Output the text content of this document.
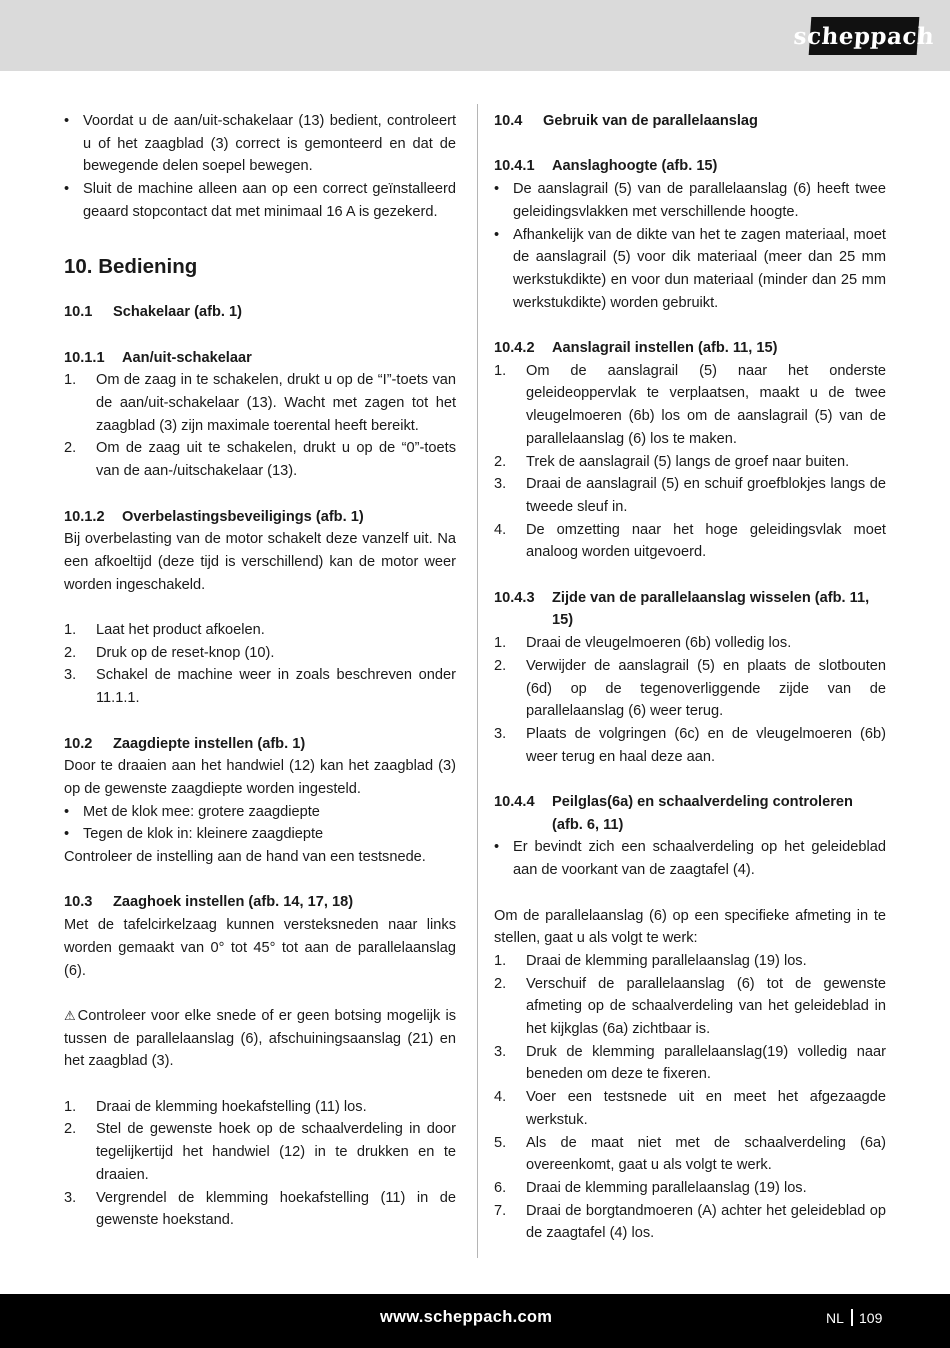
scheppach
• Voordat u de aan/uit-schakelaar (13) bedient, controleert u of het zaagblad (3) correct is gemonteerd en dat de bewegende delen soepel bewegen.
• Sluit de machine alleen aan op een correct geïnstalleerd geaard stopcontact dat met minimaal 16 A is gezekerd.
10. Bediening
10.1	Schakelaar (afb. 1)
10.1.1	Aan/uit-schakelaar
1.	Om de zaag in te schakelen, drukt u op de “I”-toets van de aan/uit-schakelaar (13). Wacht met zagen tot het zaagblad (3) zijn maximale toerental heeft bereikt.
2.	Om de zaag uit te schakelen, drukt u op de “0”-toets van de aan-/uitschakelaar (13).
10.1.2	Overbelastingsbeveiligings (afb. 1)

Bij overbelasting van de motor schakelt deze vanzelf uit. Na een afkoeltijd (deze tijd is verschillend) kan de motor weer worden ingeschakeld.

1.	Laat het product afkoelen.
2.	Druk op de reset-knop (10).
3.	Schakel de machine weer in zoals beschreven onder 11.1.1.
10.2	Zaagdiepte instellen (afb. 1)

Door te draaien aan het handwiel (12) kan het zaagblad (3) op de gewenste zaagdiepte worden ingesteld.

• Met de klok mee: grotere zaagdiepte
• Tegen de klok in: kleinere zaagdiepte

Controleer de instelling aan de hand van een testsnede.

10.3	Zaaghoek instellen (afb. 14, 17, 18)

Met de tafelcirkelzaag kunnen versteksneden naar links worden gemaakt van 0° tot 45° tot aan de parallelaanslag (6).

⚠ Controleer voor elke snede of er geen botsing mogelijk is tussen de parallelaanslag (6), afschuiningsaanslag (21) en het zaagblad (3).

1.	Draai de klemming hoekafstelling (11) los.
2.	Stel de gewenste hoek op de schaalverdeling in door tegelijkertijd het handwiel (12) in te drukken en te draaien.
3.	Vergrendel de klemming hoekafstelling (11) in de gewenste hoekstand.
10.4	Gebruik van de parallelaanslag
10.4.1	Aanslaghoogte (afb. 15)
• De aanslagrail (5) van de parallelaanslag (6) heeft twee geleidingsvlakken met verschillende hoogte.
• Afhankelijk van de dikte van het te zagen materiaal, moet de aanslagrail (5) voor dik materiaal (meer dan 25 mm werkstukdikte) en voor dun materiaal (minder dan 25 mm werkstukdikte) worden gebruikt.
10.4.2	Aanslagrail instellen (afb. 11, 15)
1.	Om de aanslagrail (5) naar het onderste geleideoppervlak te verplaatsen, maakt u de twee vleugelmoeren (6b) los om de aanslagrail (5) van de parallelaanslag (6) los te maken.
2.	Trek de aanslagrail (5) langs de groef naar buiten.
3.	Draai de aanslagrail (5) en schuif groefblokjes langs de tweede sleuf in.
4.	De omzetting naar het hoge geleidingsvlak moet analoog worden uitgevoerd.
10.4.3	Zijde van de parallelaanslag wisselen (afb. 11, 15)
1.	Draai de vleugelmoeren (6b) volledig los.
2.	Verwijder de aanslagrail (5) en plaats de slotbouten (6d) op de tegenoverliggende zijde van de parallelaanslag (6) weer terug.
3.	Plaats de volgringen (6c) en de vleugelmoeren (6b) weer terug en haal deze aan.
10.4.4	Peilglas(6a) en schaalverdeling controleren (afb. 6, 11)
• Er bevindt zich een schaalverdeling op het geleideblad aan de voorkant van de zaagtafel (4).

Om de parallelaanslag (6) op een specifieke afmeting in te stellen, gaat u als volgt te werk:

1.	Draai de klemming parallelaanslag (19) los.
2.	Verschuif de parallelaanslag (6) tot de gewenste afmeting op de schaalverdeling van het geleideblad in het kijkglas (6a) zichtbaar is.
3.	Druk de klemming parallelaanslag(19) volledig naar beneden om deze te fixeren.
4.	Voer een testsnede uit en meet het afgezaagde werkstuk.
5.	Als de maat niet met de schaalverdeling (6a) overeenkomt, gaat u als volgt te werk.
6.	Draai de klemming parallelaanslag (19) los.
7.	Draai de borgtandmoeren (A) achter het geleideblad op de zaagtafel (4) los.
www.scheppach.com	NL 109
